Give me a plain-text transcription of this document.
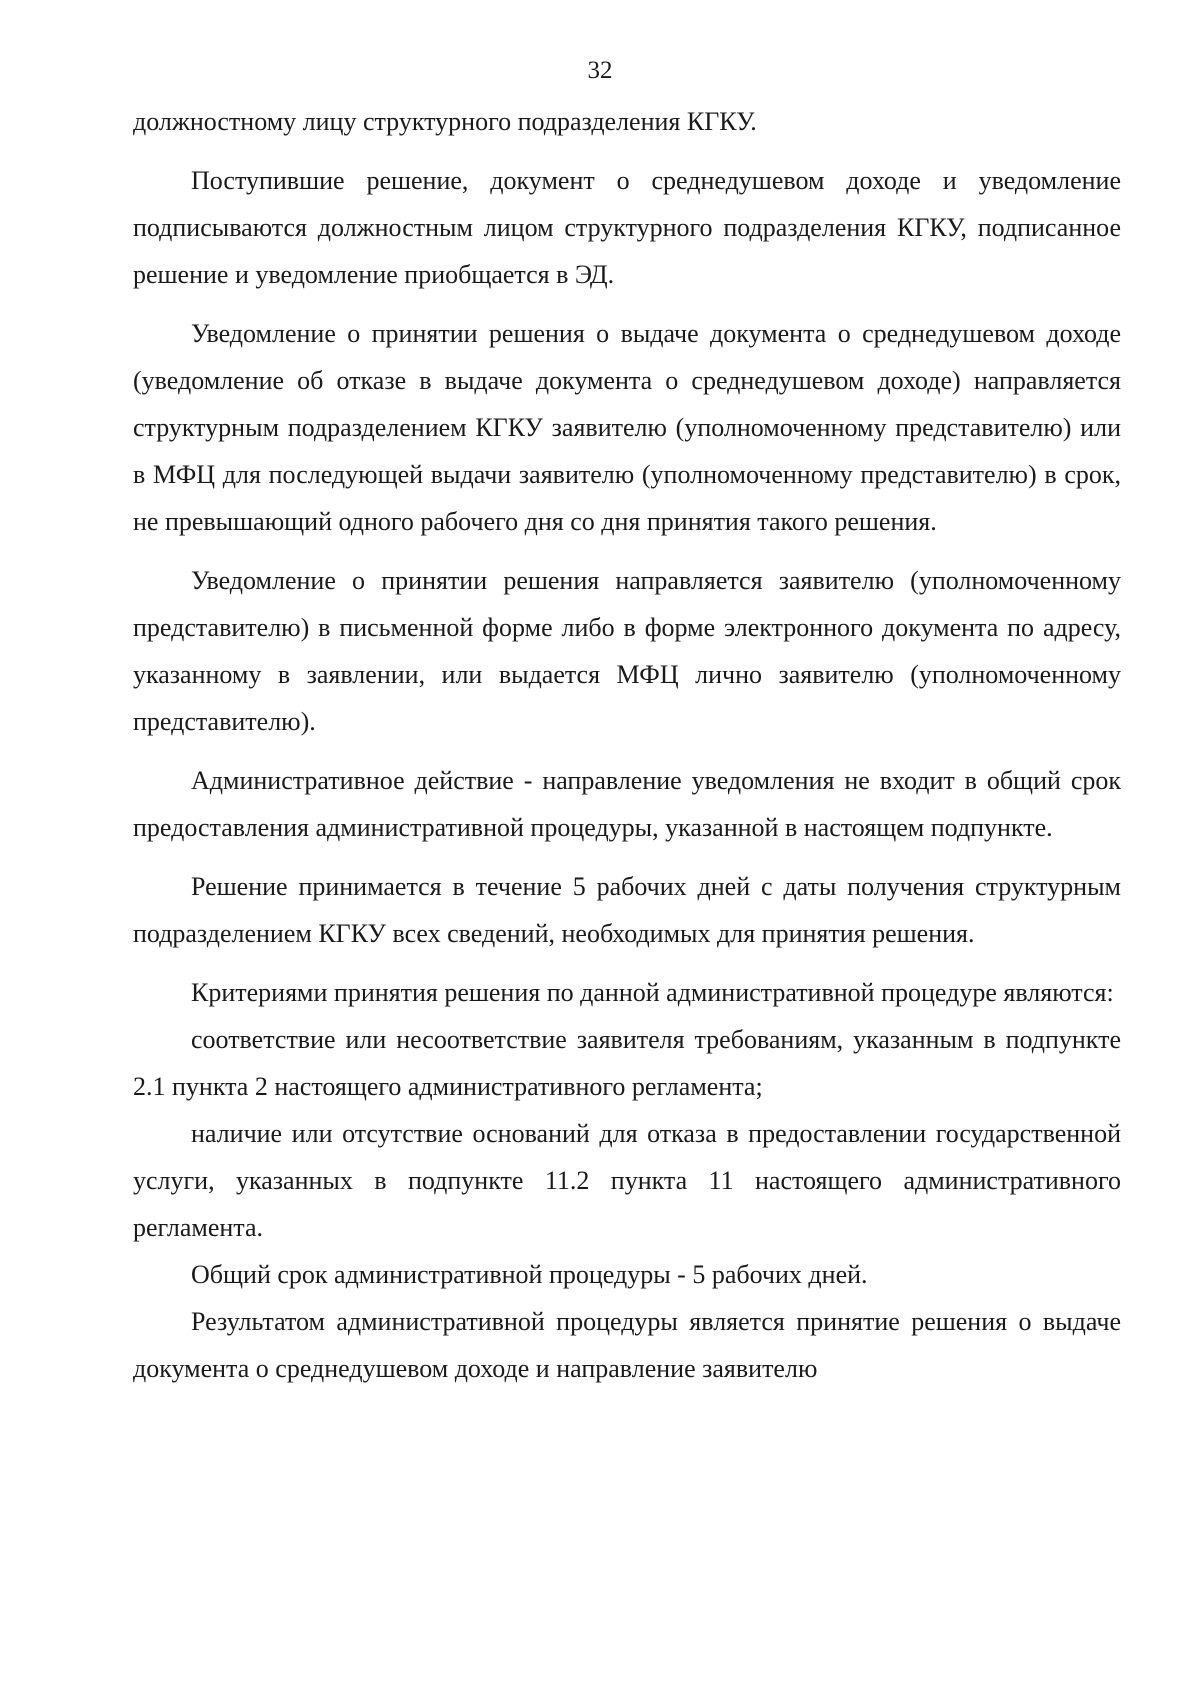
32

должностному лицу структурного подразделения КГКУ.

Поступившие решение, документ о среднедушевом доходе и уведомление подписываются должностным лицом структурного подразделения КГКУ, подписанное решение и уведомление приобщается в ЭД.

Уведомление о принятии решения о выдаче документа о среднедушевом доходе (уведомление об отказе в выдаче документа о среднедушевом доходе) направляется структурным подразделением КГКУ заявителю (уполномоченному представителю) или в МФЦ для последующей выдачи заявителю (уполномоченному представителю) в срок, не превышающий одного рабочего дня со дня принятия такого решения.

Уведомление о принятии решения направляется заявителю (уполномоченному представителю) в письменной форме либо в форме электронного документа по адресу, указанному в заявлении, или выдается МФЦ лично заявителю (уполномоченному представителю).

Административное действие - направление уведомления не входит в общий срок предоставления административной процедуры, указанной в настоящем подпункте.

Решение принимается в течение 5 рабочих дней с даты получения структурным подразделением КГКУ всех сведений, необходимых для принятия решения.

Критериями принятия решения по данной административной процедуре являются:

соответствие или несоответствие заявителя требованиям, указанным в подпункте 2.1 пункта 2 настоящего административного регламента;

наличие или отсутствие оснований для отказа в предоставлении государственной услуги, указанных в подпункте 11.2 пункта 11 настоящего административного регламента.

Общий срок административной процедуры - 5 рабочих дней.

Результатом административной процедуры является принятие решения о выдаче документа о среднедушевом доходе и направление заявителю
